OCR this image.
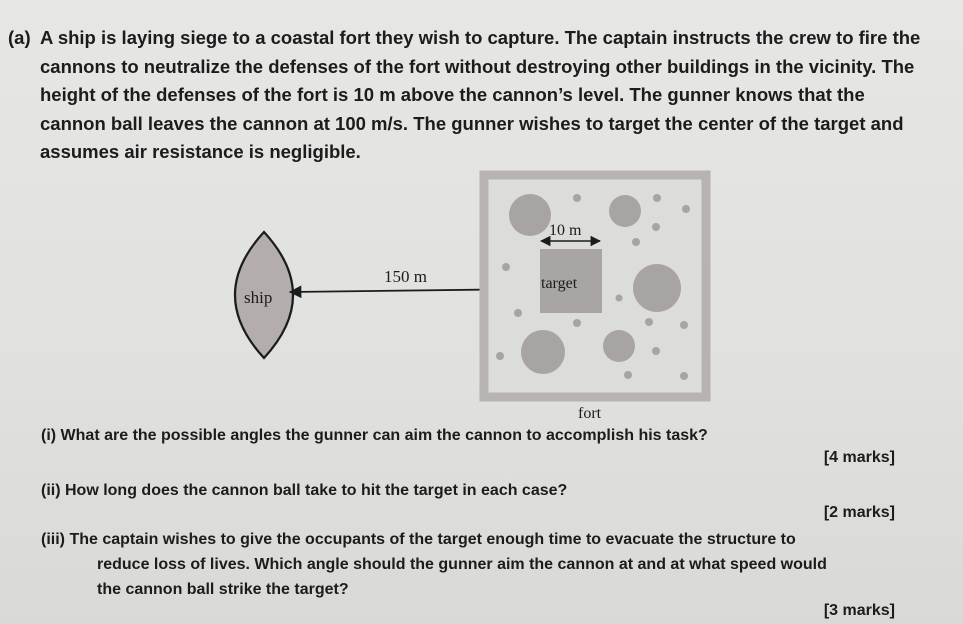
(a) A ship is laying siege to a coastal fort they wish to capture. The captain instructs the crew to fire the
cannons to neutralize the defenses of the fort without destroying other buildings in the vicinity. The
height of the defenses of the fort is 10 m above the cannon’s level. The gunner knows that the
cannon ball leaves the cannon at 100 m/s. The gunner wishes to target the center of the target and
assumes air resistance is negligible.
ship
150 m	target
10 m
fort
(i) What are the possible angles the gunner can aim the cannon to accomplish his task?
[4 marks]
(ii) How long does the cannon ball take to hit the target in each case?
[2 marks]
(iii) The captain wishes to give the occupants of the target enough time to evacuate the structure to
reduce loss of lives. Which angle should the gunner aim the cannon at and at what speed would
the cannon ball strike the target?
[3 marks]
